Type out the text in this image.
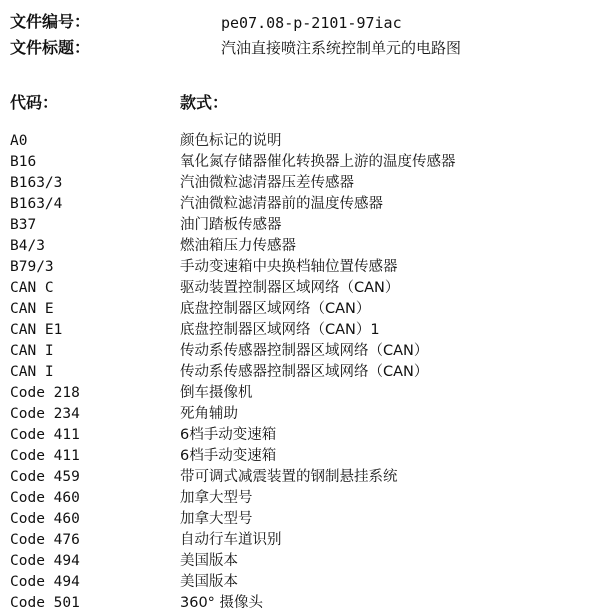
文件编号：	pe07.08-p-2101-97iac
文件标题：	汽油直接喷注系统控制单元的电路图
代码：	款式：
A0	颜色标记的说明
B16	氧化氮存储器催化转换器上游的温度传感器
B163/3	汽油微粒滤清器压差传感器
B163/4	汽油微粒滤清器前的温度传感器
B37	油门踏板传感器
B4/3	燃油箱压力传感器
B79/3	手动变速箱中央换档轴位置传感器
CAN C	驱动装置控制器区域网络（CAN）
CAN E	底盘控制器区域网络（CAN）
CAN E1	底盘控制器区域网络（CAN）1
CAN I	传动系传感器控制器区域网络（CAN）
CAN I	传动系传感器控制器区域网络（CAN）
Code 218	倒车摄像机
Code 234	死角辅助
Code 411	6档手动变速箱
Code 411	6档手动变速箱
Code 459	带可调式减震装置的钢制悬挂系统
Code 460	加拿大型号
Code 460	加拿大型号
Code 476	自动行车道识别
Code 494	美国版本
Code 494	美国版本
Code 501	360° 摄像头
